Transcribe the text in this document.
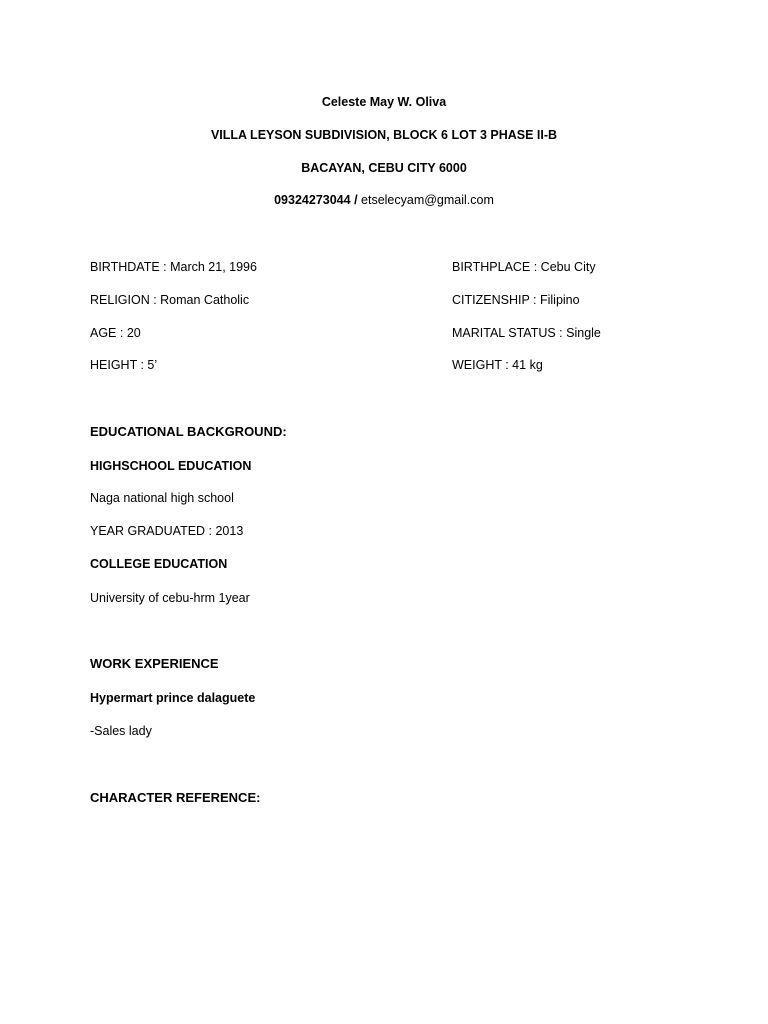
Celeste May W. Oliva
VILLA LEYSON SUBDIVISION, BLOCK 6 LOT 3 PHASE II-B
BACAYAN, CEBU CITY 6000
09324273044 / etselecyam@gmail.com
BIRTHDATE : March 21, 1996	BIRTHPLACE : Cebu City
RELIGION : Roman Catholic	CITIZENSHIP : Filipino
AGE : 20	MARITAL STATUS : Single
HEIGHT : 5’	WEIGHT : 41 kg
EDUCATIONAL BACKGROUND:
HIGHSCHOOL EDUCATION
Naga national high school
YEAR GRADUATED : 2013
COLLEGE EDUCATION
University of cebu-hrm 1year
WORK EXPERIENCE
Hypermart prince dalaguete
-Sales lady
CHARACTER REFERENCE:
